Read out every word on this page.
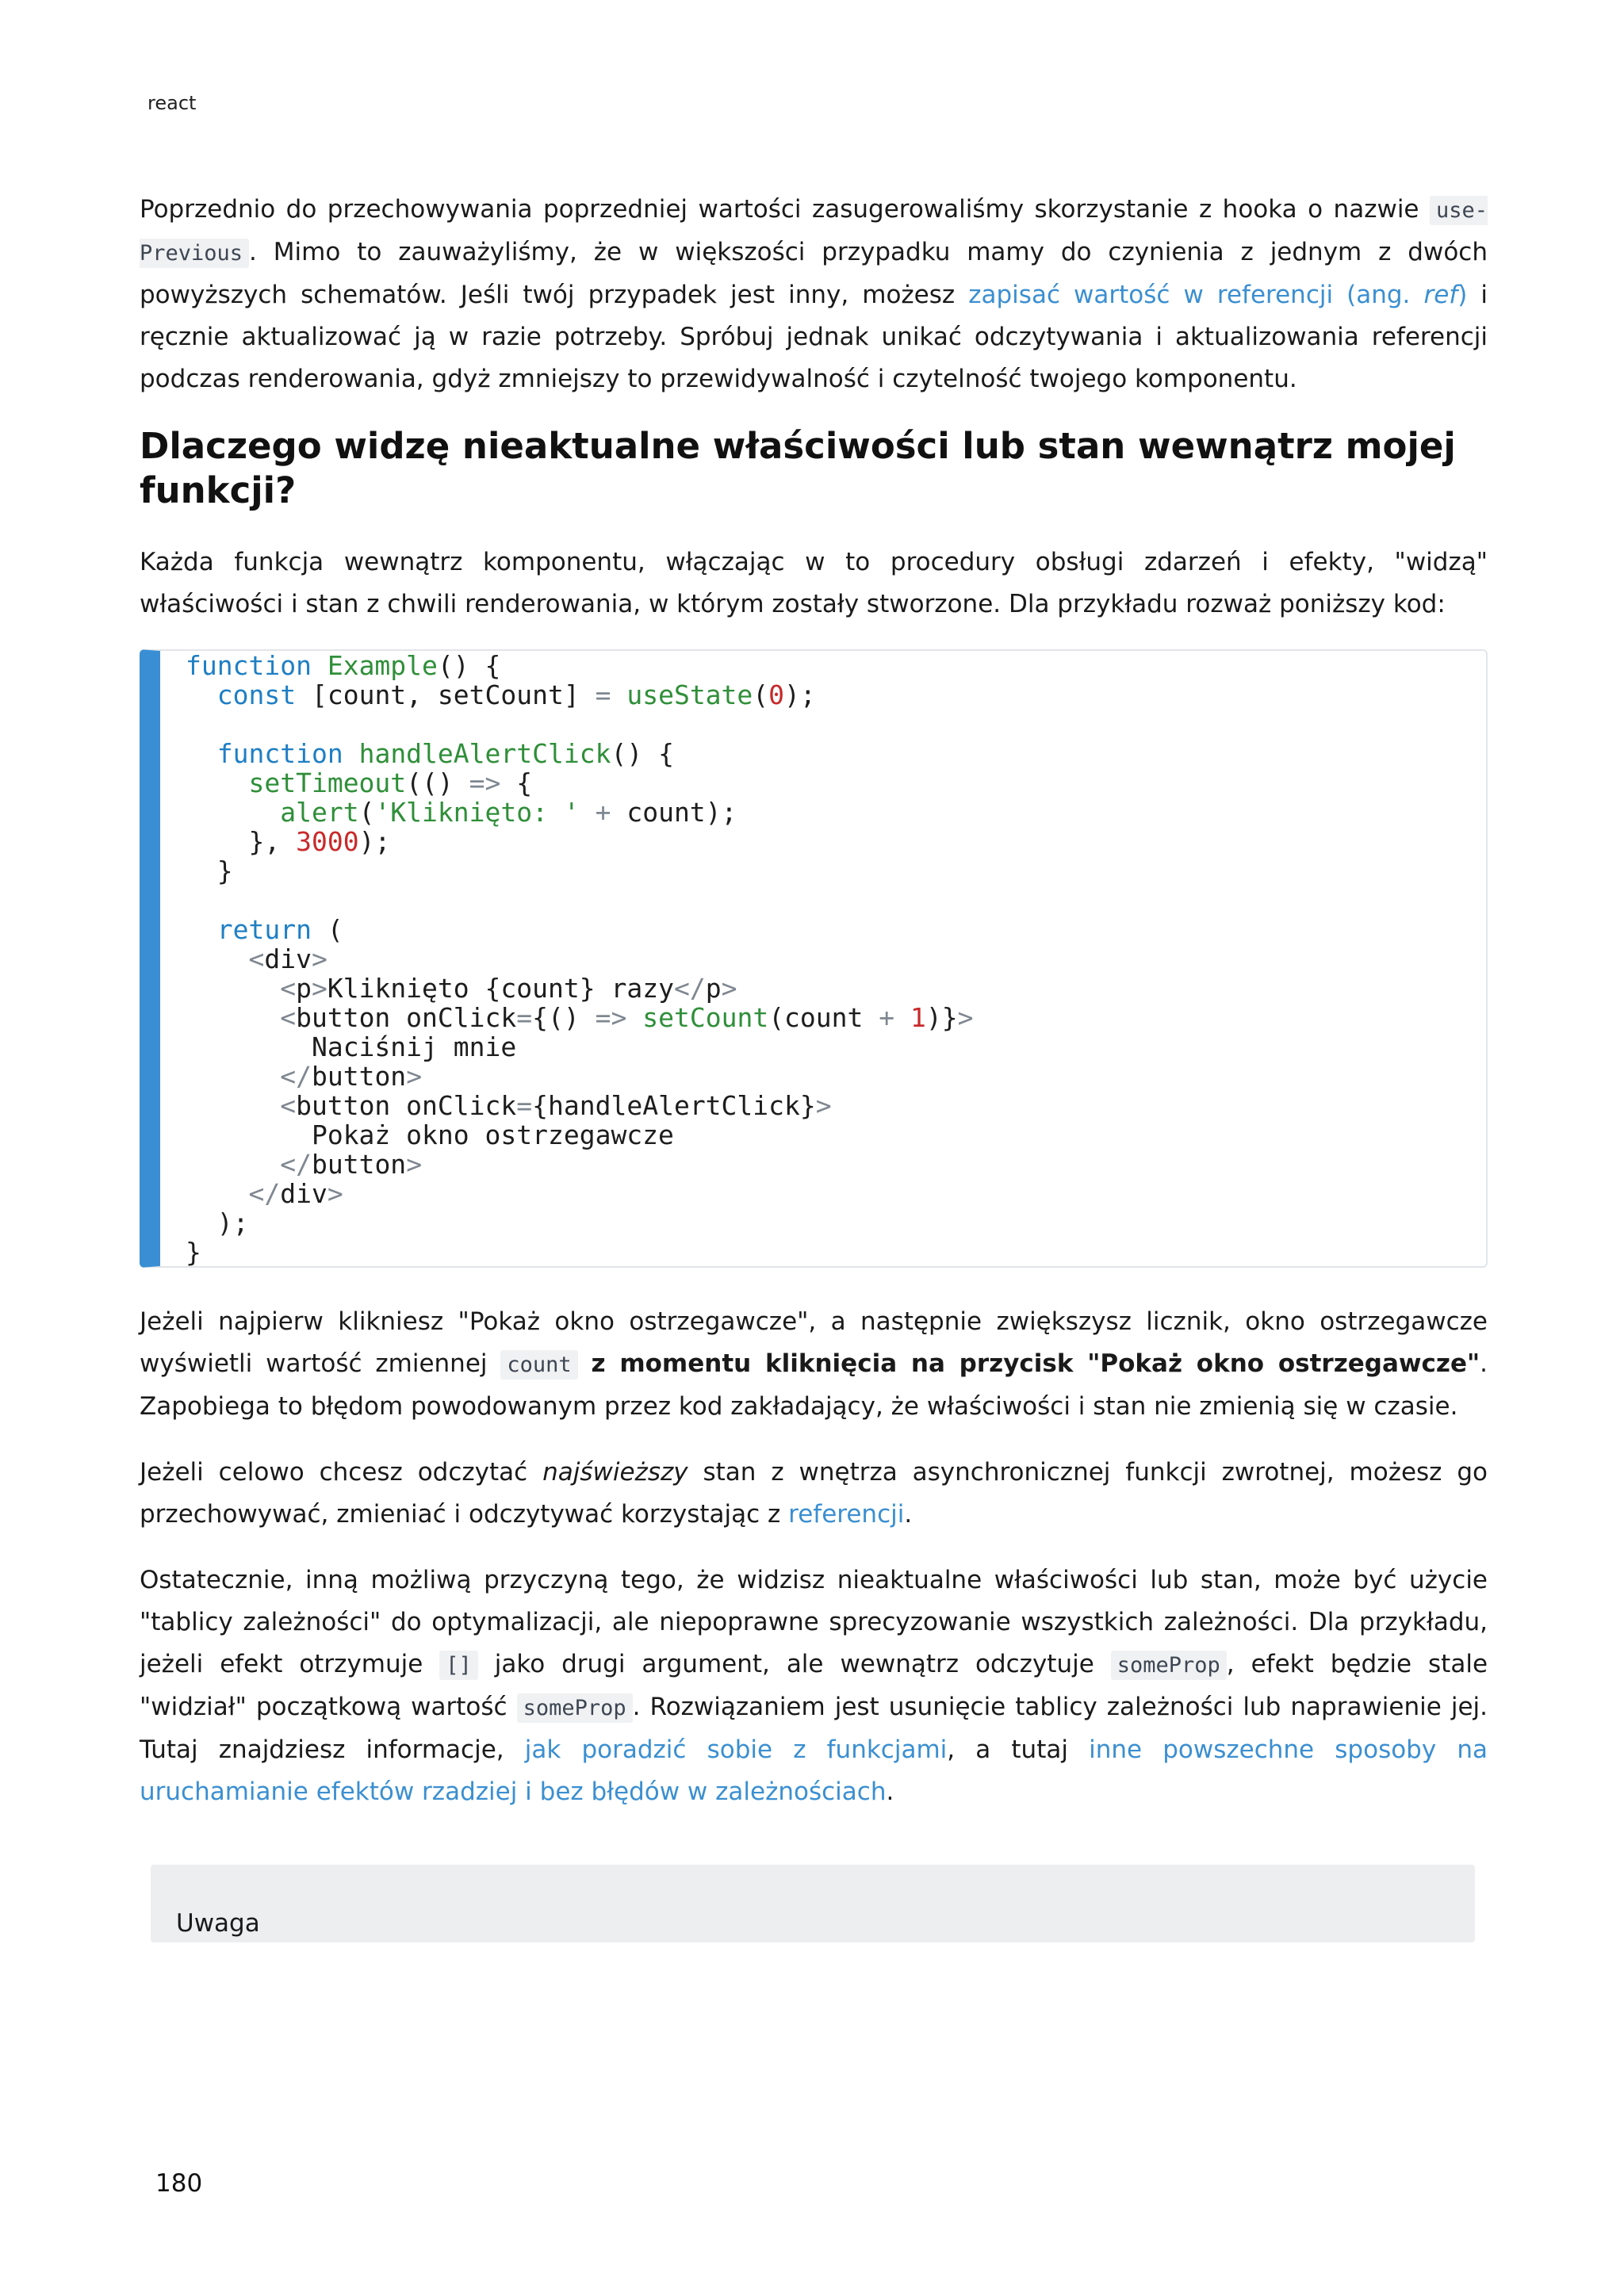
react

Poprzednio do przechowywania poprzedniej wartości zasugerowaliśmy skorzystanie z hooka o nazwie use-Previous . Mimo to zauważyliśmy, że w większości przypadku mamy do czynienia z jednym z dwóch powyższych schematów. Jeśli twój przypadek jest inny, możesz zapisać wartość w referencji (ang. ref) i ręcznie aktualizować ją w razie potrzeby. Spróbuj jednak unikać odczytywania i aktualizowania referencji podczas renderowania, gdyż zmniejszy to przewidywalność i czytelność twojego komponentu.

Dlaczego widzę nieaktualne właściwości lub stan wewnątrz mojej funkcji?

Każda funkcja wewnątrz komponentu, włączając w to procedury obsługi zdarzeń i efekty, "widzą" właściwości i stan z chwili renderowania, w którym zostały stworzone. Dla przykładu rozważ poniższy kod:

function Example() {
const [count, setCount] = useState(0);

function handleAlertClick() {
setTimeout(() => {
alert('Kliknięto: ' + count);
}, 3000);
}

return (
<div>
<p>Kliknięto {count} razy</p>
<button onClick={() => setCount(count + 1)}>
Naciśnij mnie
</button>
<button onClick={handleAlertClick}>
Pokaż okno ostrzegawcze
</button>
</div>
);
}

Jeżeli najpierw klikniesz "Pokaż okno ostrzegawcze", a następnie zwiększysz licznik, okno ostrzegawcze wyświetli wartość zmiennej count z momentu kliknięcia na przycisk "Pokaż okno ostrzegawcze". Zapobiega to błędom powodowanym przez kod zakładający, że właściwości i stan nie zmienią się w czasie.

Jeżeli celowo chcesz odczytać najświeższy stan z wnętrza asynchronicznej funkcji zwrotnej, możesz go przechowywać, zmieniać i odczytywać korzystając z referencji.

Ostatecznie, inną możliwą przyczyną tego, że widzisz nieaktualne właściwości lub stan, może być użycie "tablicy zależności" do optymalizacji, ale niepoprawne sprecyzowanie wszystkich zależności. Dla przykładu, jeżeli efekt otrzymuje [] jako drugi argument, ale wewnątrz odczytuje someProp , efekt będzie stale "widział" początkową wartość someProp . Rozwiązaniem jest usunięcie tablicy zależności lub naprawienie jej. Tutaj znajdziesz informacje, jak poradzić sobie z funkcjami, a tutaj inne powszechne sposoby na uruchamianie efektów rzadziej i bez błędów w zależnościach.

Uwaga
180
